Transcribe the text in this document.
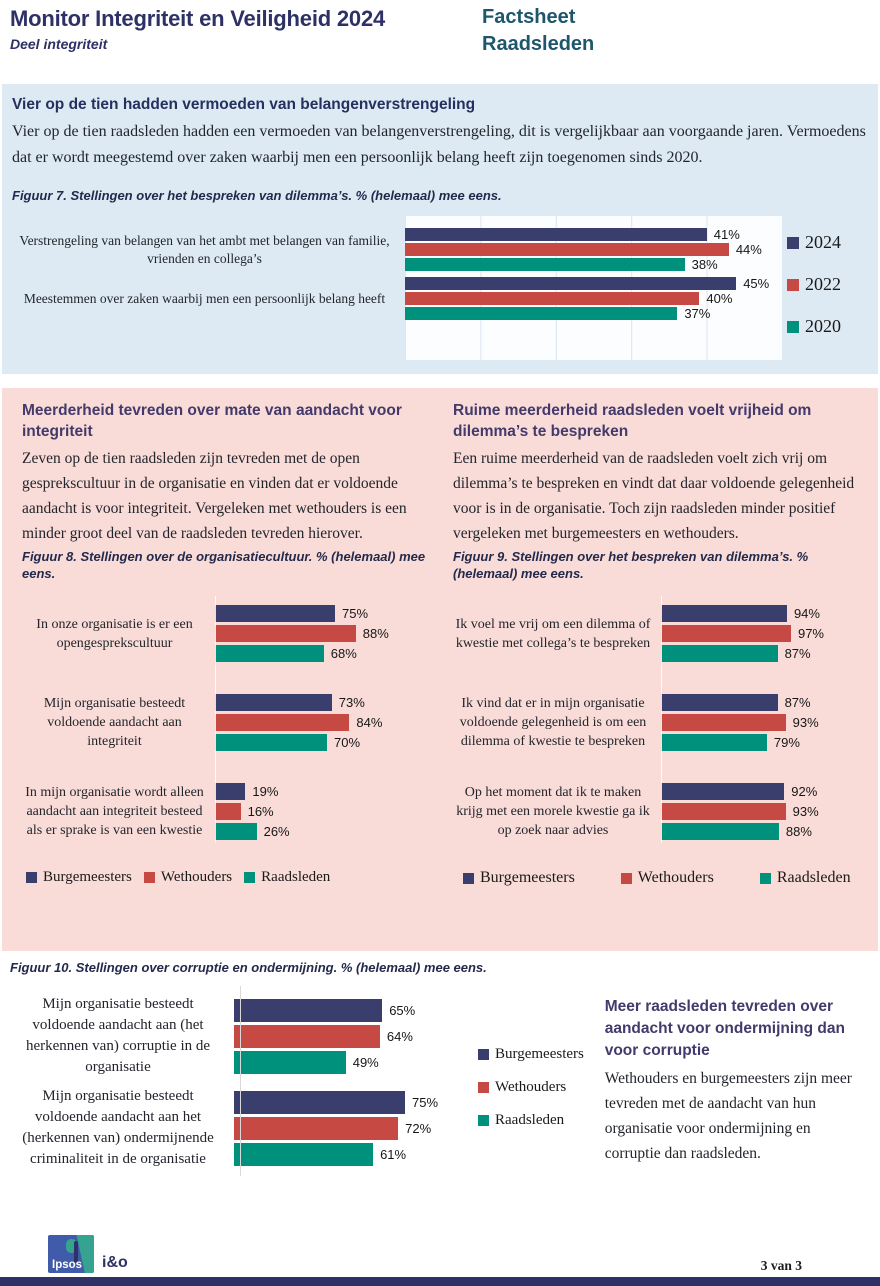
Monitor Integriteit en Veiligheid 2024
Deel integriteit
Factsheet
Raadsleden
Vier op de tien hadden vermoeden van belangenverstrengeling

Vier op de tien raadsleden hadden een vermoeden van belangenverstrengeling, dit is vergelijkbaar aan voorgaande jaren. Vermoedens dat er wordt meegestemd over zaken waarbij men een persoonlijk belang heeft zijn toegenomen sinds 2020.

Figuur 7. Stellingen over het bespreken van dilemma’s. % (helemaal) mee eens.
Verstrengeling van belangen van het ambt met belangen van familie, vrienden en collega’s
41%
44%
38%
Meestemmen over zaken waarbij men een persoonlijk belang heeft
45%
40%
37%
2024
2022
2020
Meerderheid tevreden over mate van aandacht voor integriteit

Zeven op de tien raadsleden zijn tevreden met de open gesprekscultuur in de organisatie en vinden dat er voldoende aandacht is voor integriteit. Vergeleken met wethouders is een minder groot deel van de raadsleden tevreden hierover.

Figuur 8. Stellingen over de organisatiecultuur. % (helemaal) mee eens.
In onze organisatie is er een opengesprekscultuur
75%
88%
68%
Mijn organisatie besteedt voldoende aandacht aan integriteit
73%
84%
70%
In mijn organisatie wordt alleen aandacht aan integriteit besteed als er sprake is van een kwestie
19%
16%
26%
Burgemeesters Wethouders Raadsleden
Ruime meerderheid raadsleden voelt vrijheid om dilemma’s te bespreken

Een ruime meerderheid van de raadsleden voelt zich vrij om dilemma’s te bespreken en vindt dat daar voldoende gelegenheid voor is in de organisatie. Toch zijn raadsleden minder positief vergeleken met burgemeesters en wethouders.

Figuur 9. Stellingen over het bespreken van dilemma’s. % (helemaal) mee eens.
Ik voel me vrij om een dilemma of kwestie met collega’s te bespreken
94%
97%
87%
Ik vind dat er in mijn organisatie voldoende gelegenheid is om een dilemma of kwestie te bespreken
87%
93%
79%
Op het moment dat ik te maken krijg met een morele kwestie ga ik op zoek naar advies
92%
93%
88%
Burgemeesters	Wethouders	Raadsleden
Figuur 10. Stellingen over corruptie en ondermijning. % (helemaal) mee eens.
Mijn organisatie besteedt voldoende aandacht aan (het herkennen van) corruptie in de organisatie
65%
64%
49%
Mijn organisatie besteedt voldoende aandacht aan het (herkennen van) ondermijnende criminaliteit in de organisatie
75%
72%
61%
Burgemeesters
Wethouders
Raadsleden
Meer raadsleden tevreden over aandacht voor ondermijning dan voor corruptie

Wethouders en burgemeesters zijn meer tevreden met de aandacht van hun organisatie voor ondermijning en corruptie dan raadsleden.

Ipsos i&o	3 van 3
